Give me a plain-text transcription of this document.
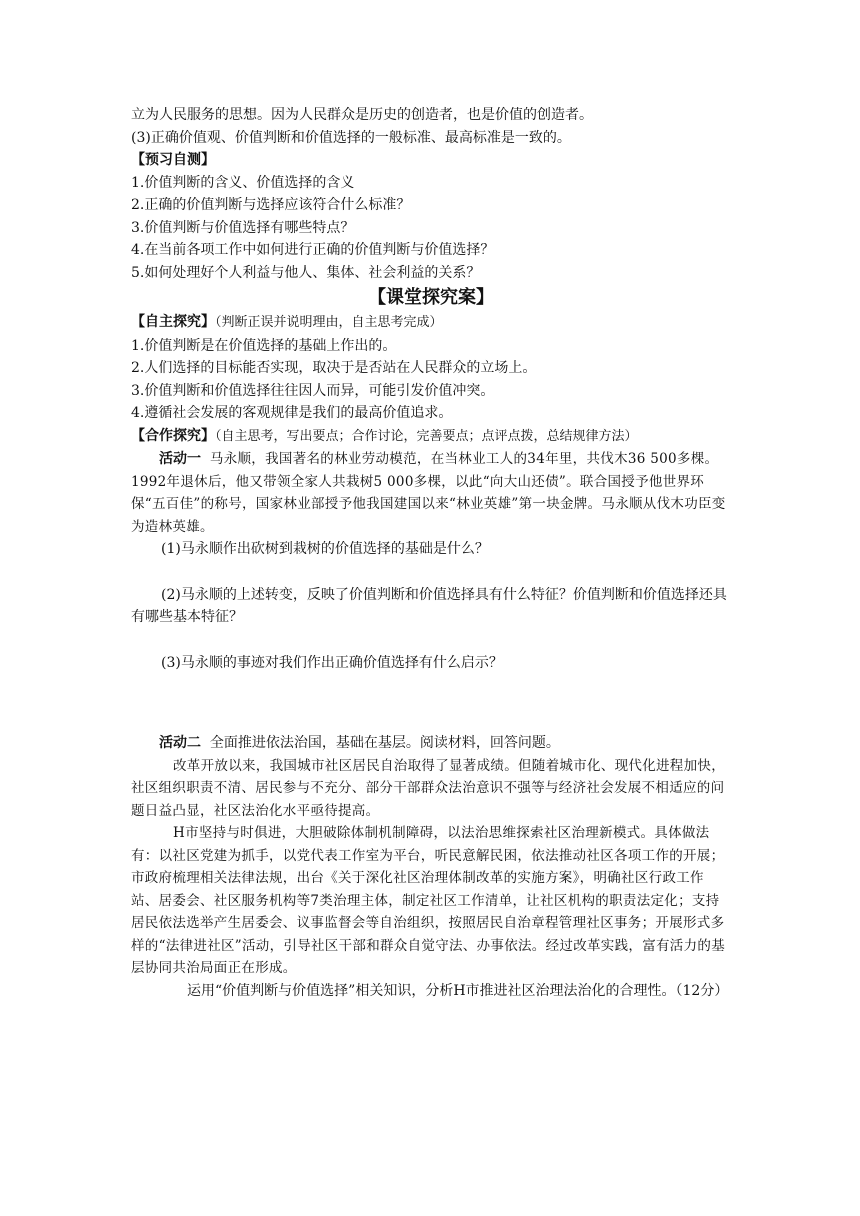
立为人民服务的思想。因为人民群众是历史的创造者，也是价值的创造者。

(3)正确价值观、价值判断和价值选择的一般标准、最高标准是一致的。

【预习自测】

1.价值判断的含义、价值选择的含义

2.正确的价值判断与选择应该符合什么标准？

3.价值判断与价值选择有哪些特点？

4.在当前各项工作中如何进行正确的价值判断与价值选择？

5.如何处理好个人利益与他人、集体、社会利益的关系？

【课堂探究案】

【自主探究】（判断正误并说明理由，自主思考完成）

1.价值判断是在价值选择的基础上作出的。

2.人们选择的目标能否实现，取决于是否站在人民群众的立场上。

3.价值判断和价值选择往往因人而异，可能引发价值冲突。

4.遵循社会发展的客观规律是我们的最高价值追求。

【合作探究】（自主思考，写出要点；合作讨论，完善要点；点评点拨，总结规律方法）

活动一 马永顺，我国著名的林业劳动模范，在当林业工人的34年里，共伐木36 500多棵。1992年退休后，他又带领全家人共栽树5 000多棵，以此“向大山还债”。联合国授予他世界环保“五百佳”的称号，国家林业部授予他我国建国以来“林业英雄”第一块金牌。马永顺从伐木功臣变为造林英雄。

(1)马永顺作出砍树到栽树的价值选择的基础是什么？

(2)马永顺的上述转变，反映了价值判断和价值选择具有什么特征？价值判断和价值选择还具有哪些基本特征？

(3)马永顺的事迹对我们作出正确价值选择有什么启示？

活动二 全面推进依法治国，基础在基层。阅读材料，回答问题。

改革开放以来，我国城市社区居民自治取得了显著成绩。但随着城市化、现代化进程加快，社区组织职责不清、居民参与不充分、部分干部群众法治意识不强等与经济社会发展不相适应的问题日益凸显，社区法治化水平亟待提高。

H市坚持与时俱进，大胆破除体制机制障碍，以法治思维探索社区治理新模式。具体做法有：以社区党建为抓手，以党代表工作室为平台，听民意解民困，依法推动社区各项工作的开展；市政府梳理相关法律法规，出台《关于深化社区治理体制改革的实施方案》，明确社区行政工作站、居委会、社区服务机构等7类治理主体，制定社区工作清单，让社区机构的职责法定化；支持居民依法选举产生居委会、议事监督会等自治组织，按照居民自治章程管理社区事务；开展形式多样的“法律进社区”活动，引导社区干部和群众自觉守法、办事依法。经过改革实践，富有活力的基层协同共治局面正在形成。

运用“价值判断与价值选择”相关知识，分析H市推进社区治理法治化的合理性。（12分）
